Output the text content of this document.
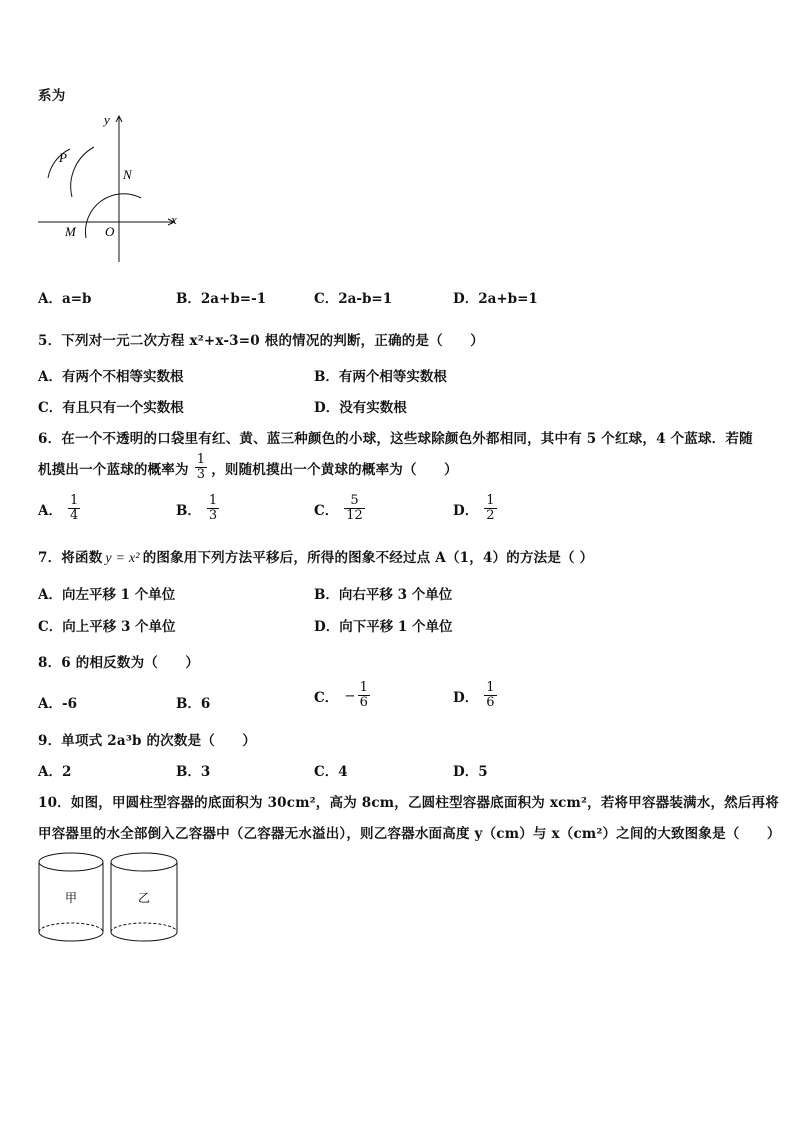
系为
y
x
P
N
M O
A．a=b	B．2a+b=-1	C．2a-b=1	D．2a+b=1
5．下列对一元二次方程 x²+x-3=0 根的情况的判断，正确的是（　　）
A．有两个不相等实数根	B．有两个相等实数根
C．有且只有一个实数根	D．没有实数根
6．在一个不透明的口袋里有红、黄、蓝三种颜色的小球，这些球除颜色外都相同，其中有 5 个红球，4 个蓝球．若随
机摸出一个蓝球的概率为 $\frac{1}{3}$ ，则随机摸出一个黄球的概率为（　　）
A． $\frac{1}{4}$	B． $\frac{1}{3}$	C． $\frac{5}{12}$	D． $\frac{1}{2}$
7．将函数 y = x² 的图象用下列方法平移后，所得的图象不经过点 A（1，4）的方法是（ ）
A．向左平移 1 个单位	B．向右平移 3 个单位
C．向上平移 3 个单位	D．向下平移 1 个单位
8．6 的相反数为（　　）
A．-6	B．6	C． − $\frac{1}{6}$	D． $\frac{1}{6}$
9．单项式 2a³b 的次数是（　　）
A．2	B．3	C．4	D．5
10．如图，甲圆柱型容器的底面积为 30cm²，高为 8cm，乙圆柱型容器底面积为 xcm²，若将甲容器装满水，然后再将
甲容器里的水全部倒入乙容器中（乙容器无水溢出），则乙容器水面高度 y（cm）与 x（cm²）之间的大致图象是（　　）
甲	乙
